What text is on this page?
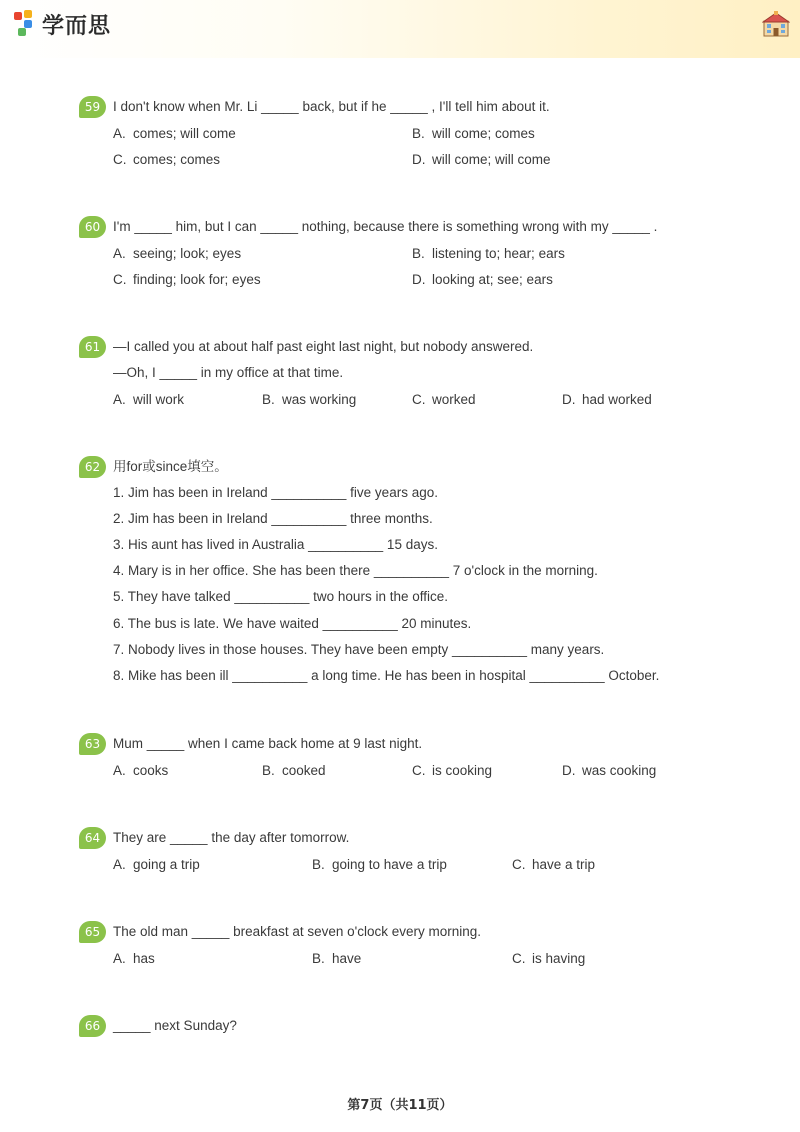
学而思
59 I don't know when Mr. Li _____ back, but if he _____ , I'll tell him about it.
A. comes; will come	B. will come; comes
C. comes; comes	D. will come; will come
60 I'm _____ him, but I can _____ nothing, because there is something wrong with my _____ .
A. seeing; look; eyes	B. listening to; hear; ears
C. finding; look for; eyes	D. looking at; see; ears
61 —I called you at about half past eight last night, but nobody answered.
—Oh, I _____ in my office at that time.
A. will work	B. was working	C. worked	D. had worked
62 用for或since填空。
1. Jim has been in Ireland __________ five years ago.
2. Jim has been in Ireland __________ three months.
3. His aunt has lived in Australia __________ 15 days.
4. Mary is in her office. She has been there __________ 7 o'clock in the morning.
5. They have talked __________ two hours in the office.
6. The bus is late. We have waited __________ 20 minutes.
7. Nobody lives in those houses. They have been empty __________ many years.
8. Mike has been ill __________ a long time. He has been in hospital __________ October.
63 Mum _____ when I came back home at 9 last night.
A. cooks	B. cooked	C. is cooking	D. was cooking
64 They are _____ the day after tomorrow.
A. going a trip	B. going to have a trip	C. have a trip
65 The old man _____ breakfast at seven o'clock every morning.
A. has	B. have	C. is having
66 _____ next Sunday?
第7页（共11页）
